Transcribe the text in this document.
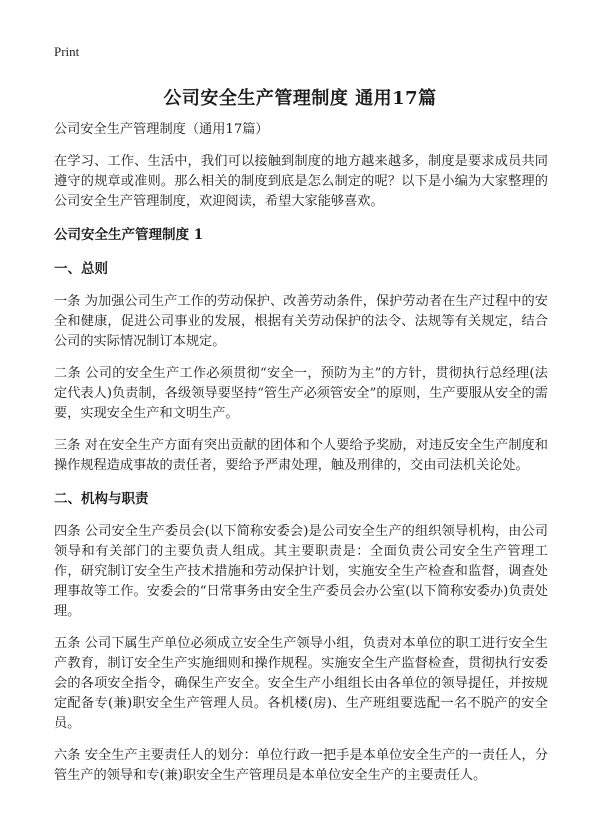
Print
公司安全生产管理制度 通用17篇

公司安全生产管理制度（通用17篇）

在学习、工作、生活中，我们可以接触到制度的地方越来越多，制度是要求成员共同遵守的规章或准则。那么相关的制度到底是怎么制定的呢？以下是小编为大家整理的公司安全生产管理制度，欢迎阅读，希望大家能够喜欢。

公司安全生产管理制度 1
一、总则

一条 为加强公司生产工作的劳动保护、改善劳动条件，保护劳动者在生产过程中的安全和健康，促进公司事业的发展，根据有关劳动保护的法令、法规等有关规定，结合公司的实际情况制订本规定。

二条 公司的安全生产工作必须贯彻“安全一，预防为主”的方针，贯彻执行总经理(法定代表人)负责制，各级领导要坚持“管生产必须管安全”的原则，生产要服从安全的需要，实现安全生产和文明生产。

三条 对在安全生产方面有突出贡献的团体和个人要给予奖励，对违反安全生产制度和操作规程造成事故的责任者，要给予严肃处理，触及刑律的，交由司法机关论处。

二、机构与职责

四条 公司安全生产委员会(以下简称安委会)是公司安全生产的组织领导机构，由公司领导和有关部门的主要负责人组成。其主要职责是：全面负责公司安全生产管理工作，研究制订安全生产技术措施和劳动保护计划，实施安全生产检查和监督，调查处理事故等工作。安委会的“日常事务由安全生产委员会办公室(以下简称安委办)负责处理。

五条 公司下属生产单位必须成立安全生产领导小组，负责对本单位的职工进行安全生产教育，制订安全生产实施细则和操作规程。实施安全生产监督检查，贯彻执行安委会的各项安全指令，确保生产安全。安全生产小组组长由各单位的领导提任，并按规定配备专(兼)职安全生产管理人员。各机楼(房)、生产班组要选配一名不脱产的安全员。

六条 安全生产主要责任人的划分：单位行政一把手是本单位安全生产的一责任人，分管生产的领导和专(兼)职安全生产管理员是本单位安全生产的主要责任人。
